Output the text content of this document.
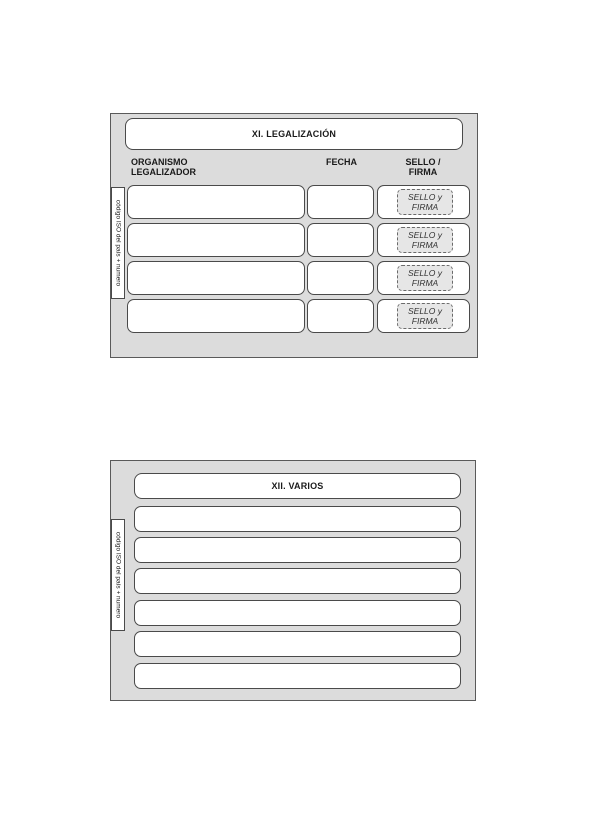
XI. LEGALIZACIÓN
ORGANISMO LEGALIZADOR
FECHA	SELLO / FIRMA
código ISO del país + numero
SELLO y FIRMA
SELLO y FIRMA
SELLO y FIRMA
SELLO y FIRMA
XII. VARIOS
código ISO del país + numero
